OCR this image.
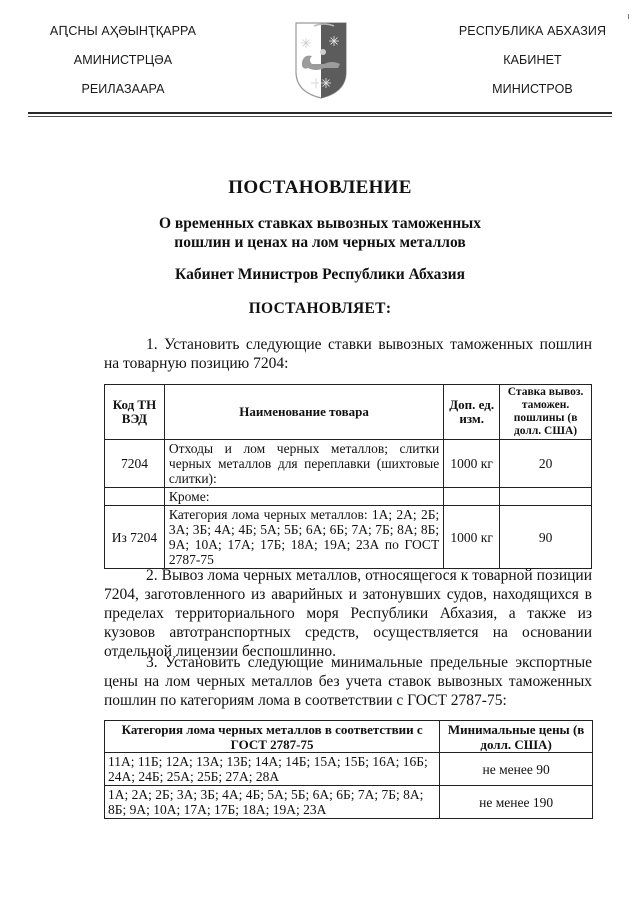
АԤСНЫ АҲӘЫНҬҚАРРА
АМИНИСТРЦӘА
РЕИЛАЗААРА
РЕСПУБЛИКА АБХАЗИЯ
КАБИНЕТ
МИНИСТРОВ
ПОСТАНОВЛЕНИЕ
О временных ставках вывозных таможенных
пошлин и ценах на лом черных металлов
Кабинет Министров Республики Абхазия
ПОСТАНОВЛЯЕТ:
1. Установить следующие ставки вывозных таможенных пошлин на товарную позицию 7204:
Код ТН ВЭД	Наименование товара	Доп. ед. изм.	Ставка вывоз. таможен. пошлины (в долл. США)
7204	Отходы и лом черных металлов; слитки черных металлов для переплавки (шихтовые слитки):	1000 кг	20
	Кроме:		
Из 7204	Категория лома черных металлов: 1А; 2А; 2Б; 3А; 3Б; 4А; 4Б; 5А; 5Б; 6А; 6Б; 7А; 7Б; 8А; 8Б; 9А; 10А; 17А; 17Б; 18А; 19А; 23А по ГОСТ 2787-75	1000 кг	90
2. Вывоз лома черных металлов, относящегося к товарной позиции 7204, заготовленного из аварийных и затонувших судов, находящихся в пределах территориального моря Республики Абхазия, а также из кузовов автотранспортных средств, осуществляется на основании отдельной лицензии беспошлинно.
3. Установить следующие минимальные предельные экспортные цены на лом черных металлов без учета ставок вывозных таможенных пошлин по категориям лома в соответствии с ГОСТ 2787-75:
Категория лома черных металлов в соответствии с ГОСТ 2787-75	Минимальные цены (в долл. США)
11А; 11Б; 12А; 13А; 13Б; 14А; 14Б; 15А; 15Б; 16А; 16Б; 24А; 24Б; 25А; 25Б; 27А; 28А	не менее 90
1А; 2А; 2Б; 3А; 3Б; 4А; 4Б; 5А; 5Б; 6А; 6Б; 7А; 7Б; 8А; 8Б; 9А; 10А; 17А; 17Б; 18А; 19А; 23А	не менее 190
